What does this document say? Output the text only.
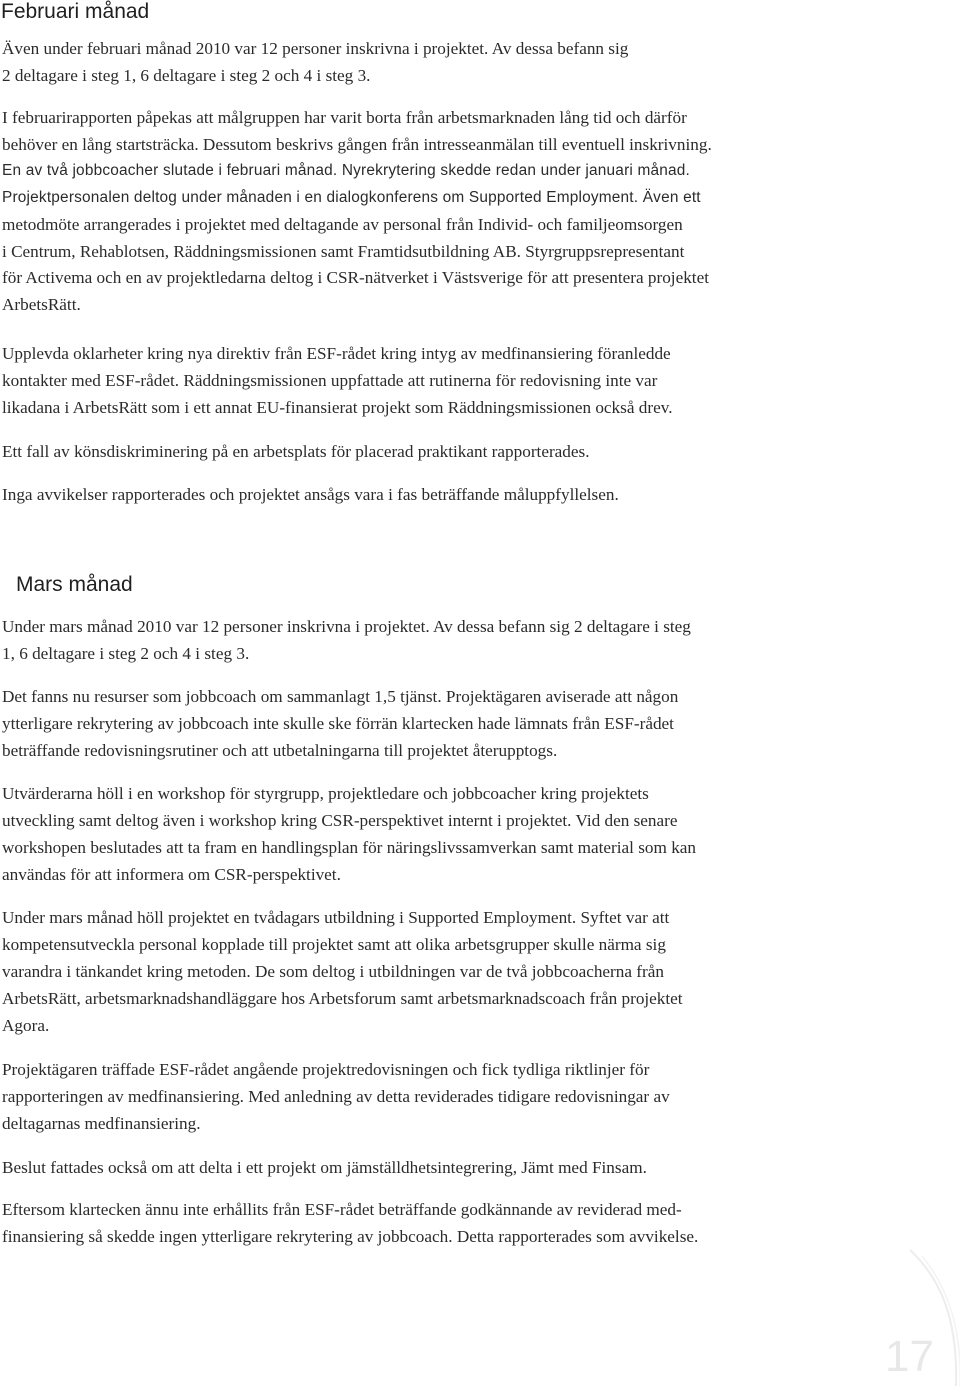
Februari månad

Även under februari månad 2010 var 12 personer inskrivna i projektet. Av dessa befann sig
2 deltagare i steg 1, 6 deltagare i steg 2 och 4 i steg 3.

I februarirapporten påpekas att målgruppen har varit borta från arbetsmarknaden lång tid och därför
behöver en lång startsträcka. Dessutom beskrivs gången från intresseanmälan till eventuell inskrivning.
En av två jobbcoacher slutade i februari månad. Nyrekrytering skedde redan under januari månad.
Projektpersonalen deltog under månaden i en dialogkonferens om Supported Employment. Även ett
metodmöte arrangerades i projektet med deltagande av personal från Individ- och familjeomsorgen
i Centrum, Rehablotsen, Räddningsmissionen samt Framtidsutbildning AB. Styrgruppsrepresentant
för Activema och en av projektledarna deltog i CSR-nätverket i Västsverige för att presentera projektet
ArbetsRätt.

Upplevda oklarheter kring nya direktiv från ESF-rådet kring intyg av medfinansiering föranledde
kontakter med ESF-rådet. Räddningsmissionen uppfattade att rutinerna för redovisning inte var
likadana i ArbetsRätt som i ett annat EU-finansierat projekt som Räddningsmissionen också drev.

Ett fall av könsdiskriminering på en arbetsplats för placerad praktikant rapporterades.

Inga avvikelser rapporterades och projektet ansågs vara i fas beträffande måluppfyllelsen.

Mars månad

Under mars månad 2010 var 12 personer inskrivna i projektet. Av dessa befann sig 2 deltagare i steg
1, 6 deltagare i steg 2 och 4 i steg 3.

Det fanns nu resurser som jobbcoach om sammanlagt 1,5 tjänst. Projektägaren aviserade att någon
ytterligare rekrytering av jobbcoach inte skulle ske förrän klartecken hade lämnats från ESF-rådet
beträffande redovisningsrutiner och att utbetalningarna till projektet återupptogs.

Utvärderarna höll i en workshop för styrgrupp, projektledare och jobbcoacher kring projektets
utveckling samt deltog även i workshop kring CSR-perspektivet internt i projektet. Vid den senare
workshopen beslutades att ta fram en handlingsplan för näringslivssamverkan samt material som kan
användas för att informera om CSR-perspektivet.

Under mars månad höll projektet en tvådagars utbildning i Supported Employment. Syftet var att
kompetensutveckla personal kopplade till projektet samt att olika arbetsgrupper skulle närma sig
varandra i tänkandet kring metoden. De som deltog i utbildningen var de två jobbcoacherna från
ArbetsRätt, arbetsmarknadshandläggare hos Arbetsforum samt arbetsmarknadscoach från projektet
Agora.

Projektägaren träffade ESF-rådet angående projektredovisningen och fick tydliga riktlinjer för
rapporteringen av medfinansiering. Med anledning av detta reviderades tidigare redovisningar av
deltagarnas medfinansiering.

Beslut fattades också om att delta i ett projekt om jämställdhetsintegrering, Jämt med Finsam.

Eftersom klartecken ännu inte erhållits från ESF-rådet beträffande godkännande av reviderad med-
finansiering så skedde ingen ytterligare rekrytering av jobbcoach. Detta rapporterades som avvikelse.

17
